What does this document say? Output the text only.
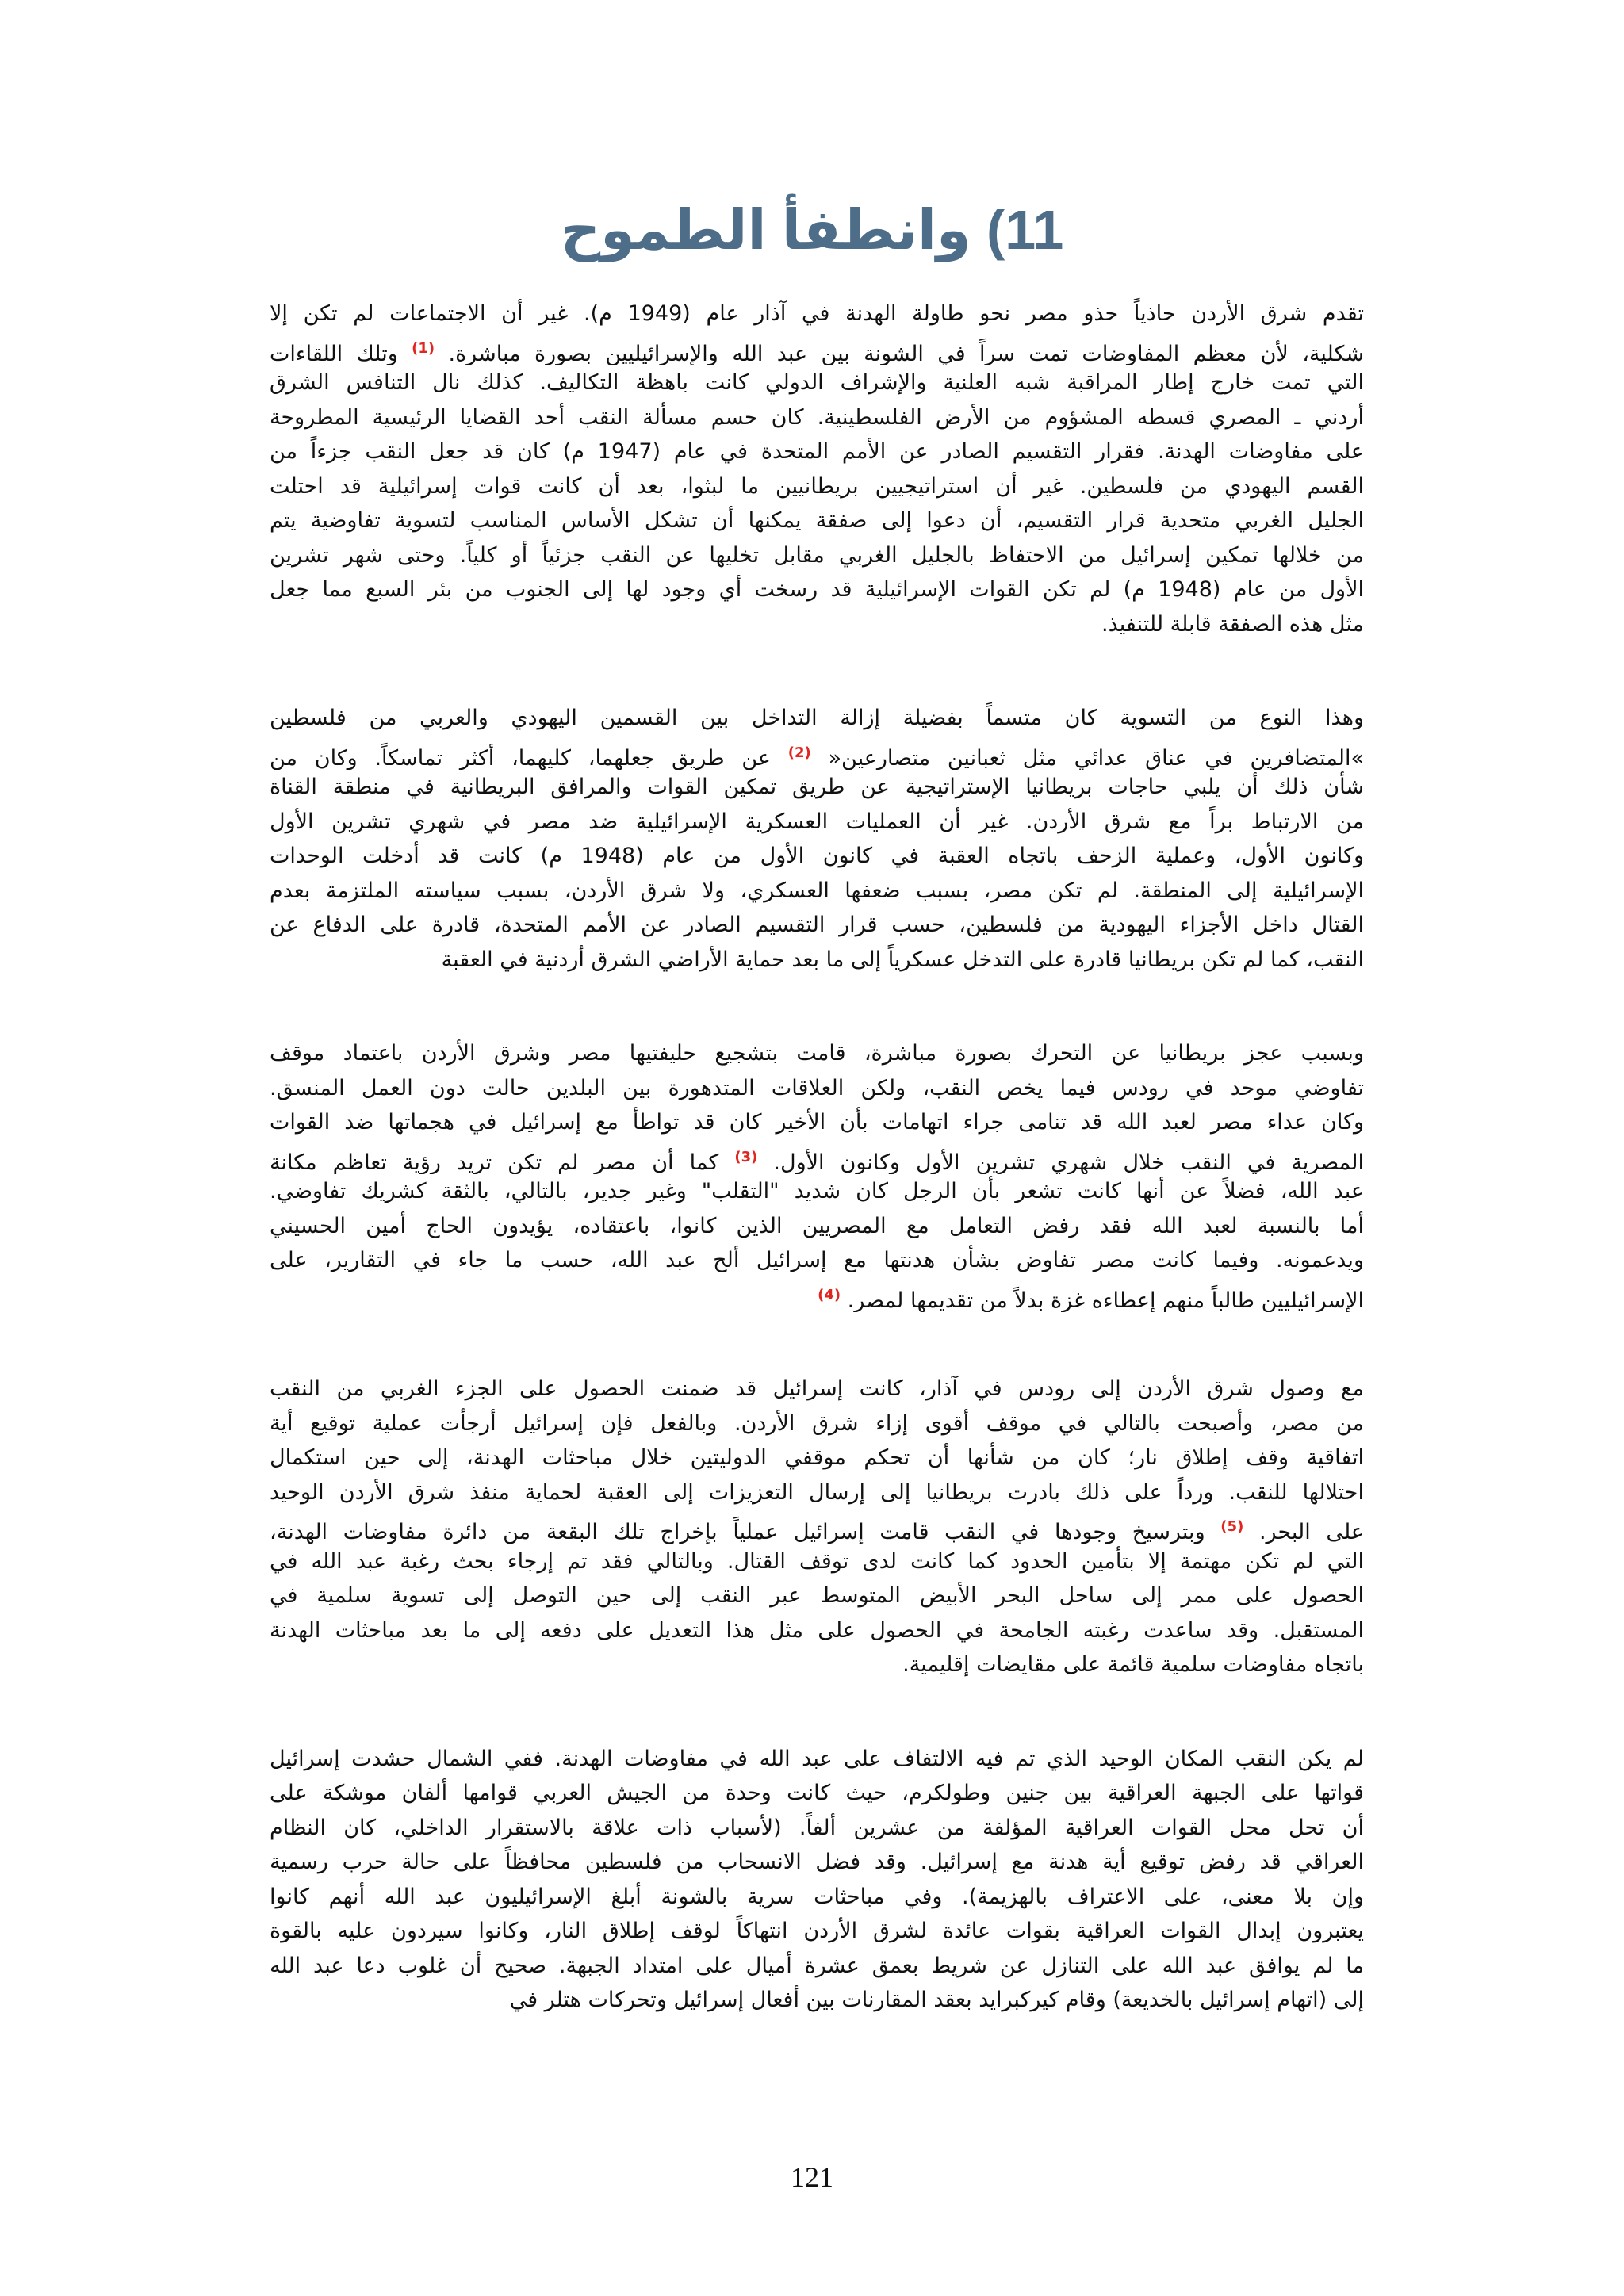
11) وانطفأ الطموح
تقدم شرق الأردن حاذياً حذو مصر نحو طاولة الهدنة في آذار عام (1949 م). غير أن الاجتماعات لم تكن إلا
شكلية، لأن معظم المفاوضات تمت سراً في الشونة بين عبد الله والإسرائيليين بصورة مباشرة. $^{(1)}$ وتلك اللقاءات
التي تمت خارج إطار المراقبة شبه العلنية والإشراف الدولي كانت باهظة التكاليف. كذلك نال التنافس الشرق
أردني ـ المصري قسطه المشؤوم من الأرض الفلسطينية. كان حسم مسألة النقب أحد القضايا الرئيسية المطروحة
على مفاوضات الهدنة. فقرار التقسيم الصادر عن الأمم المتحدة في عام (1947 م) كان قد جعل النقب جزءاً من
القسم اليهودي من فلسطين. غير أن استراتيجيين بريطانيين ما لبثوا، بعد أن كانت قوات إسرائيلية قد احتلت
الجليل الغربي متحدية قرار التقسيم، أن دعوا إلى صفقة يمكنها أن تشكل الأساس المناسب لتسوية تفاوضية يتم
من خلالها تمكين إسرائيل من الاحتفاظ بالجليل الغربي مقابل تخليها عن النقب جزئياً أو كلياً. وحتى شهر تشرين
الأول من عام (1948 م) لم تكن القوات الإسرائيلية قد رسخت أي وجود لها إلى الجنوب من بئر السبع مما جعل
مثل هذه الصفقة قابلة للتنفيذ.
وهذا النوع من التسوية كان متسماً بفضيلة إزالة التداخل بين القسمين اليهودي والعربي من فلسطين
»المتضافرين في عناق عدائي مثل ثعبانين متصارعين« $^{(2)}$ عن طريق جعلهما، كليهما، أكثر تماسكاً. وكان من
شأن ذلك أن يلبي حاجات بريطانيا الإستراتيجية عن طريق تمكين القوات والمرافق البريطانية في منطقة القناة
من الارتباط براً مع شرق الأردن. غير أن العمليات العسكرية الإسرائيلية ضد مصر في شهري تشرين الأول
وكانون الأول، وعملية الزحف باتجاه العقبة في كانون الأول من عام (1948 م) كانت قد أدخلت الوحدات
الإسرائيلية إلى المنطقة. لم تكن مصر، بسبب ضعفها العسكري، ولا شرق الأردن، بسبب سياسته الملتزمة بعدم
القتال داخل الأجزاء اليهودية من فلسطين، حسب قرار التقسيم الصادر عن الأمم المتحدة، قادرة على الدفاع عن
النقب، كما لم تكن بريطانيا قادرة على التدخل عسكرياً إلى ما بعد حماية الأراضي الشرق أردنية في العقبة
وبسبب عجز بريطانيا عن التحرك بصورة مباشرة، قامت بتشجيع حليفتيها مصر وشرق الأردن باعتماد موقف
تفاوضي موحد في رودس فيما يخص النقب، ولكن العلاقات المتدهورة بين البلدين حالت دون العمل المنسق.
وكان عداء مصر لعبد الله قد تنامى جراء اتهامات بأن الأخير كان قد تواطأ مع إسرائيل في هجماتها ضد القوات
المصرية في النقب خلال شهري تشرين الأول وكانون الأول. $^{(3)}$ كما أن مصر لم تكن تريد رؤية تعاظم مكانة
عبد الله، فضلاً عن أنها كانت تشعر بأن الرجل كان شديد "التقلب" وغير جدير، بالتالي، بالثقة كشريك تفاوضي.
أما بالنسبة لعبد الله فقد رفض التعامل مع المصريين الذين كانوا، باعتقاده، يؤيدون الحاج أمين الحسيني
ويدعمونه. وفيما كانت مصر تفاوض بشأن هدنتها مع إسرائيل ألح عبد الله، حسب ما جاء في التقارير، على
الإسرائيليين طالباً منهم إعطاءه غزة بدلاً من تقديمها لمصر. $^{(4)}$
مع وصول شرق الأردن إلى رودس في آذار، كانت إسرائيل قد ضمنت الحصول على الجزء الغربي من النقب
من مصر، وأصبحت بالتالي في موقف أقوى إزاء شرق الأردن. وبالفعل فإن إسرائيل أرجأت عملية توقيع أية
اتفاقية وقف إطلاق نار؛ كان من شأنها أن تحكم موقفي الدوليتين خلال مباحثات الهدنة، إلى حين استكمال
احتلالها للنقب. ورداً على ذلك بادرت بريطانيا إلى إرسال التعزيزات إلى العقبة لحماية منفذ شرق الأردن الوحيد
على البحر. $^{(5)}$ وبترسيخ وجودها في النقب قامت إسرائيل عملياً بإخراج تلك البقعة من دائرة مفاوضات الهدنة،
التي لم تكن مهتمة إلا بتأمين الحدود كما كانت لدى توقف القتال. وبالتالي فقد تم إرجاء بحث رغبة عبد الله في
الحصول على ممر إلى ساحل البحر الأبيض المتوسط عبر النقب إلى حين التوصل إلى تسوية سلمية في
المستقبل. وقد ساعدت رغبته الجامحة في الحصول على مثل هذا التعديل على دفعه إلى ما بعد مباحثات الهدنة
باتجاه مفاوضات سلمية قائمة على مقايضات إقليمية.
لم يكن النقب المكان الوحيد الذي تم فيه الالتفاف على عبد الله في مفاوضات الهدنة. ففي الشمال حشدت إسرائيل
قواتها على الجبهة العراقية بين جنين وطولكرم، حيث كانت وحدة من الجيش العربي قوامها ألفان موشكة على
أن تحل محل القوات العراقية المؤلفة من عشرين ألفاً. (لأسباب ذات علاقة بالاستقرار الداخلي، كان النظام
العراقي قد رفض توقيع أية هدنة مع إسرائيل. وقد فضل الانسحاب من فلسطين محافظاً على حالة حرب رسمية
وإن بلا معنى، على الاعتراف بالهزيمة). وفي مباحثات سرية بالشونة أبلغ الإسرائيليون عبد الله أنهم كانوا
يعتبرون إبدال القوات العراقية بقوات عائدة لشرق الأردن انتهاكاً لوقف إطلاق النار، وكانوا سيردون عليه بالقوة
ما لم يوافق عبد الله على التنازل عن شريط بعمق عشرة أميال على امتداد الجبهة. صحيح أن غلوب دعا عبد الله
إلى (اتهام إسرائيل بالخديعة) وقام كيركبرايد بعقد المقارنات بين أفعال إسرائيل وتحركات هتلر في
121
